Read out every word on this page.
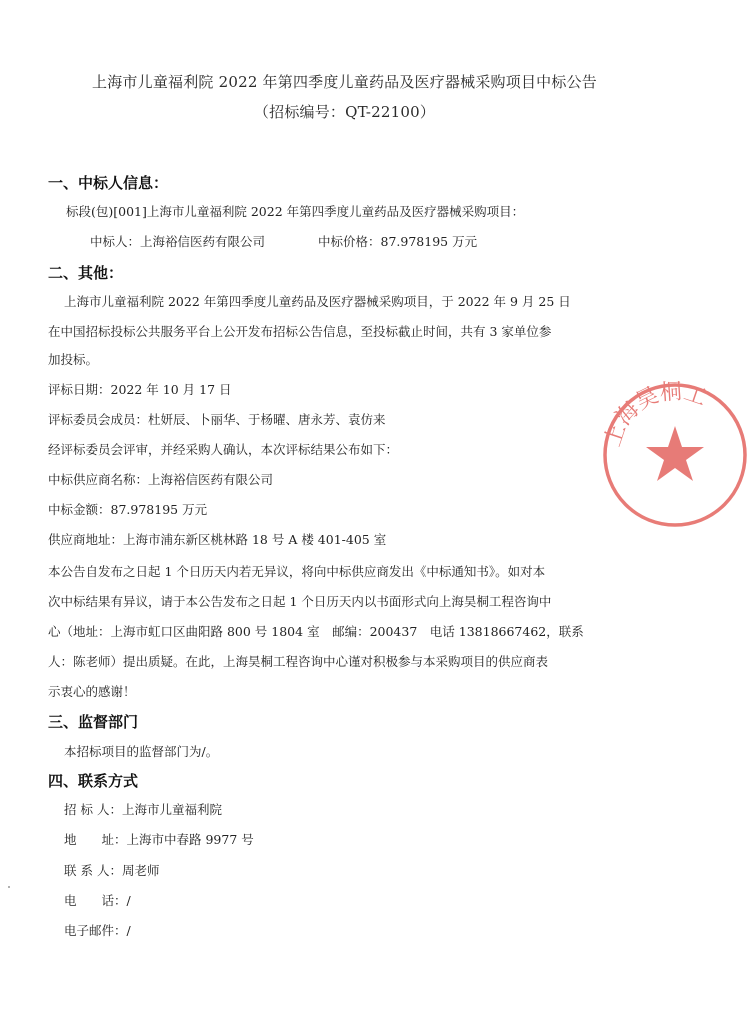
上海市儿童福利院 2022 年第四季度儿童药品及医疗器械采购项目中标公告
（招标编号：QT-22100）
一、中标人信息：
标段(包)[001]上海市儿童福利院 2022 年第四季度儿童药品及医疗器械采购项目：
中标人：上海裕信医药有限公司	中标价格：87.978195 万元
二、其他：
上海市儿童福利院 2022 年第四季度儿童药品及医疗器械采购项目，于 2022 年 9 月 25 日
在中国招标投标公共服务平台上公开发布招标公告信息，至投标截止时间，共有 3 家单位参
加投标。
评标日期：2022 年 10 月 17 日
评标委员会成员：杜妍辰、卜丽华、于杨曜、唐永芳、袁仿来
经评标委员会评审，并经采购人确认，本次评标结果公布如下：
中标供应商名称：上海裕信医药有限公司
中标金额：87.978195 万元
供应商地址：上海市浦东新区桃林路 18 号 A 楼 401-405 室
本公告自发布之日起 1 个日历天内若无异议，将向中标供应商发出《中标通知书》。如对本
次中标结果有异议，请于本公告发布之日起 1 个日历天内以书面形式向上海昊桐工程咨询中
心（地址：上海市虹口区曲阳路 800 号 1804 室　邮编：200437　电话 13818667462，联系
人：陈老师）提出质疑。在此，上海昊桐工程咨询中心谨对积极参与本采购项目的供应商表
示衷心的感谢！
三、监督部门
本招标项目的监督部门为/。
四、联系方式
招 标 人：上海市儿童福利院
地　　址：上海市中春路 9977 号
联 系 人：周老师
电　　话：/
电子邮件：/
上海昊桐工
